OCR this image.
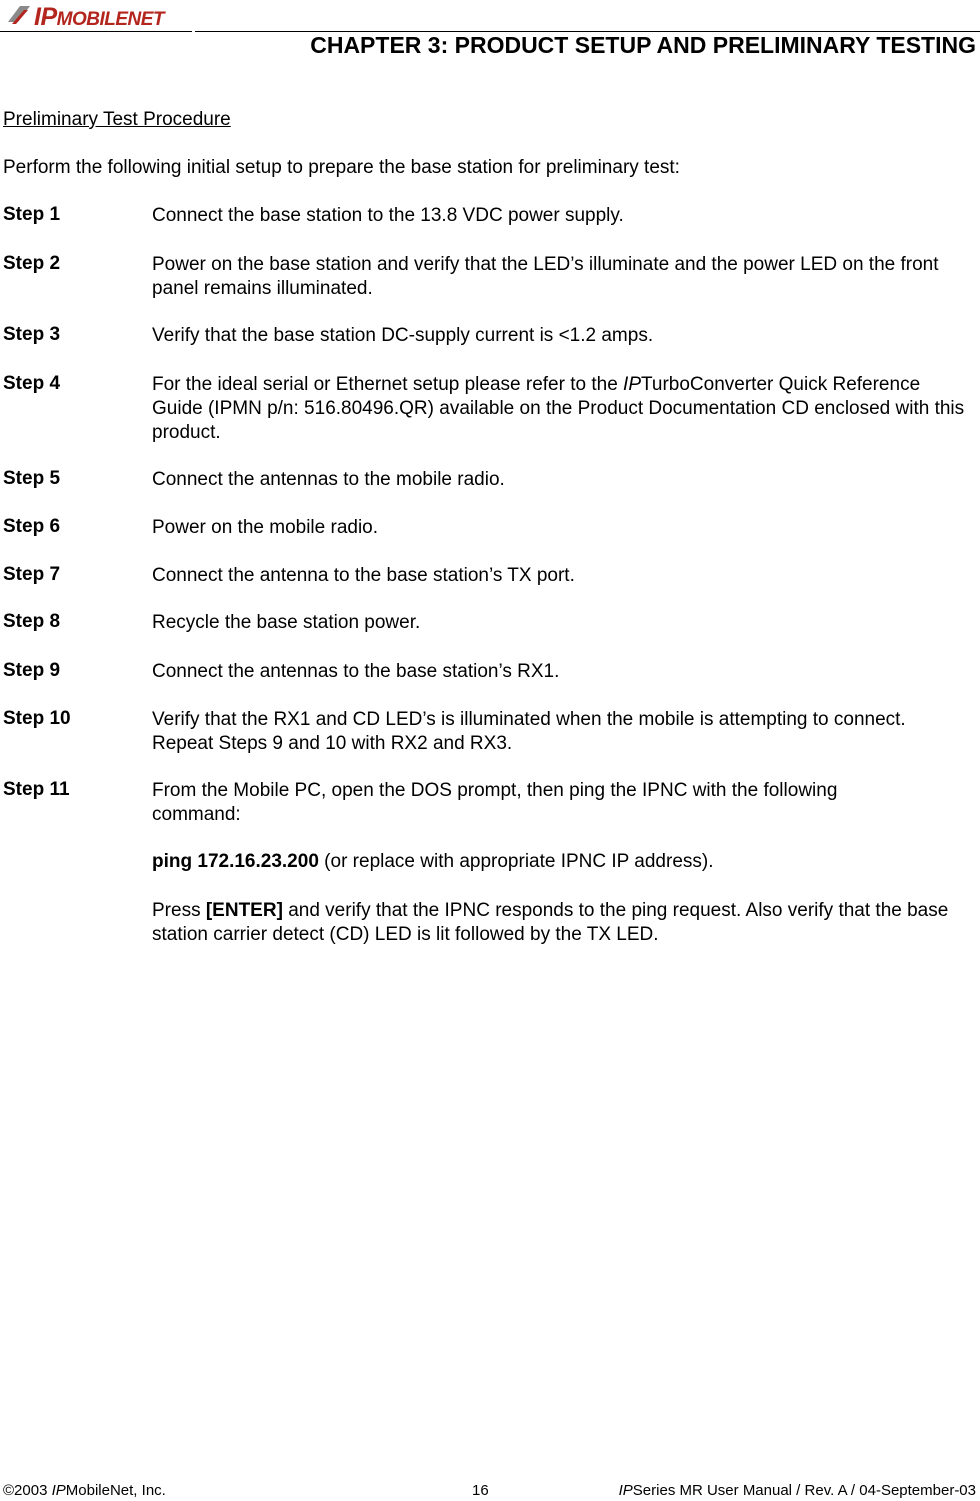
IPMOBILENET
CHAPTER 3: PRODUCT SETUP AND PRELIMINARY TESTING
Preliminary Test Procedure
Perform the following initial setup to prepare the base station for preliminary test:
Step 1	Connect the base station to the 13.8 VDC power supply.
Step 2	Power on the base station and verify that the LED’s illuminate and the power LED on the front panel remains illuminated.
Step 3	Verify that the base station DC-supply current is <1.2 amps.
Step 4	For the ideal serial or Ethernet setup please refer to the IPTurboConverter Quick Reference Guide (IPMN p/n: 516.80496.QR) available on the Product Documentation CD enclosed with this product.
Step 5	Connect the antennas to the mobile radio.
Step 6	Power on the mobile radio.
Step 7	Connect the antenna to the base station’s TX port.
Step 8	Recycle the base station power.
Step 9	Connect the antennas to the base station’s RX1.
Step 10	Verify that the RX1 and CD LED’s is illuminated when the mobile is attempting to connect. Repeat Steps 9 and 10 with RX2 and RX3.
Step 11	From the Mobile PC, open the DOS prompt, then ping the IPNC with the following command:
ping 172.16.23.200 (or replace with appropriate IPNC IP address).
Press [ENTER] and verify that the IPNC responds to the ping request. Also verify that the base station carrier detect (CD) LED is lit followed by the TX LED.
©2003 IPMobileNet, Inc.	16	IPSeries MR User Manual / Rev. A / 04-September-03
